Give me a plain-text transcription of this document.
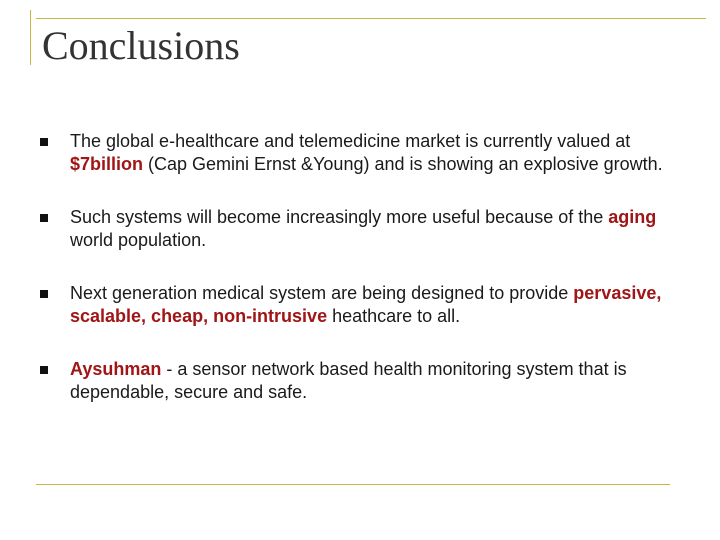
Conclusions
The global e-healthcare and telemedicine market is currently valued at $7billion (Cap Gemini Ernst &Young) and is showing an explosive growth.
Such systems will become increasingly more useful because of the aging world population.
Next generation medical system are being designed to provide pervasive, scalable, cheap, non-intrusive heathcare to all.
Aysuhman - a sensor network based health monitoring system that is dependable, secure and safe.
